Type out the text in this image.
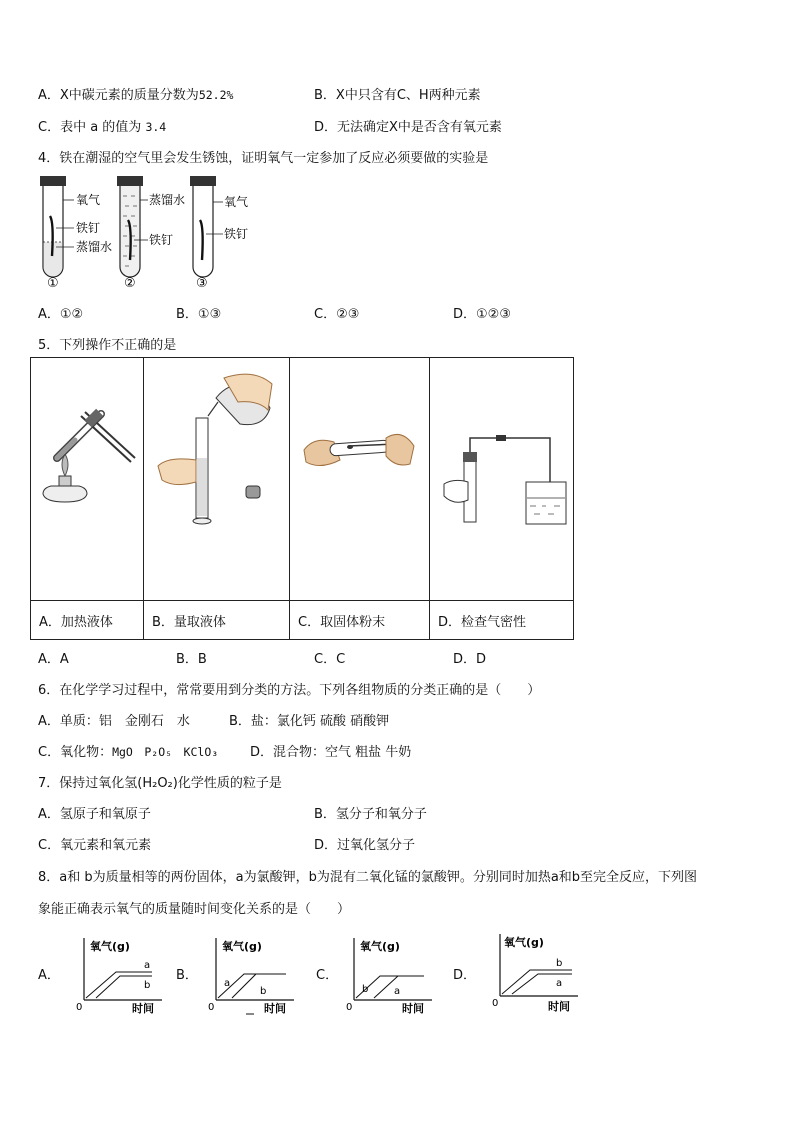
A．X中碳元素的质量分数为52.2%	B．X中只含有C、H两种元素
C．表中 a 的值为 3.4	D．无法确定X中是否含有氧元素
4．铁在潮湿的空气里会发生锈蚀，证明氧气一定参加了反应必须要做的实验是
氧气
铁钉
蒸馏水
①
蒸馏水
铁钉
②
氧气
铁钉
③
A．①②	B．①③	C．②③	D．①②③
5．下列操作不正确的是

A．加热液体	B．量取液体	C．取固体粉末	D．检查气密性
A．A	B．B	C．C	D．D
6．在化学学习过程中，常常要用到分类的方法。下列各组物质的分类正确的是（　　）
A．单质：铝　金刚石　水	B．盐：氯化钙 硫酸 硝酸钾
C．氧化物：MgO　P₂O₅　KClO₃ D．混合物：空气 粗盐 牛奶
7．保持过氧化氢(H₂O₂)化学性质的粒子是
A．氢原子和氧原子	B．氢分子和氧分子
C．氧元素和氧元素	D．过氧化氢分子
8．a和 b为质量相等的两份固体，a为氯酸钾，b为混有二氧化锰的氯酸钾。分别同时加热a和b至完全反应，下列图
象能正确表示氧气的质量随时间变化关系的是（　　）
A．	B．	C．	D．
氧气(g)
0	时间
a
b
氧气(g)
0	时间
a
b
氧气(g)
0	时间
b	a
氧气(g)
0	时间
b
a
